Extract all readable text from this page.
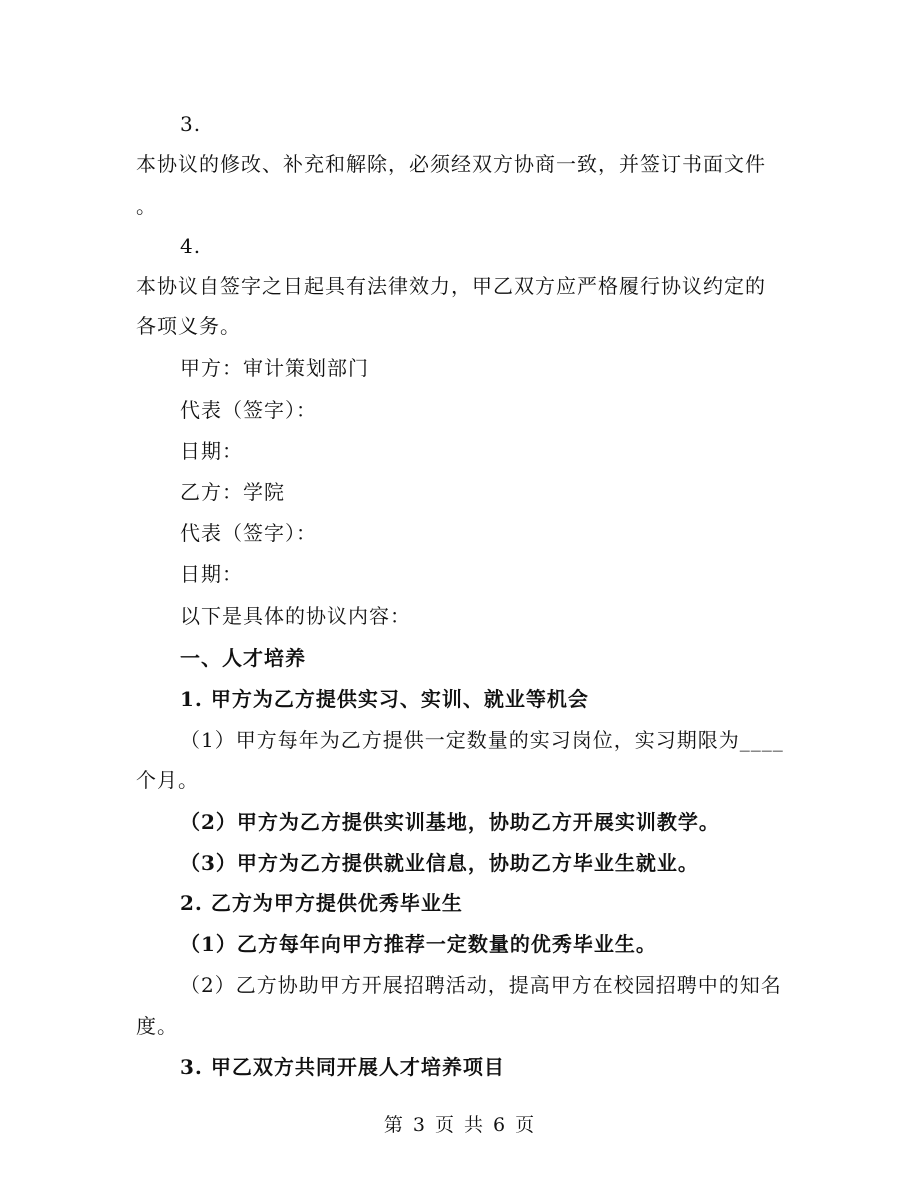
3.
本协议的修改、补充和解除，必须经双方协商一致，并签订书面文件
。
4.
本协议自签字之日起具有法律效力，甲乙双方应严格履行协议约定的
各项义务。
甲方：审计策划部门
代表（签字）：
日期：
乙方：学院
代表（签字）：
日期：
以下是具体的协议内容：
一、人才培养
1. 甲方为乙方提供实习、实训、就业等机会
（1）甲方每年为乙方提供一定数量的实习岗位，实习期限为____
个月。
（2）甲方为乙方提供实训基地，协助乙方开展实训教学。
（3）甲方为乙方提供就业信息，协助乙方毕业生就业。
2. 乙方为甲方提供优秀毕业生
（1）乙方每年向甲方推荐一定数量的优秀毕业生。
（2）乙方协助甲方开展招聘活动，提高甲方在校园招聘中的知名
度。
3. 甲乙双方共同开展人才培养项目
第 3 页 共 6 页
